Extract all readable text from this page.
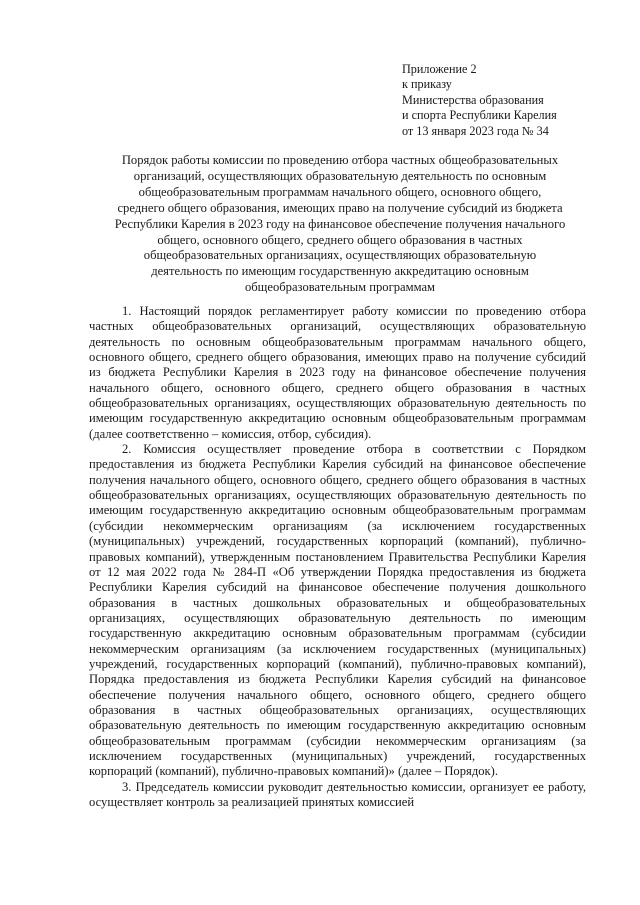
Приложение 2
к приказу
Министерства образования
и спорта Республики Карелия
от 13 января 2023 года № 34
Порядок работы комиссии по проведению отбора частных общеобразовательных
организаций, осуществляющих образовательную деятельность по основным
общеобразовательным программам начального общего, основного общего,
среднего общего образования, имеющих право на получение субсидий из бюджета
Республики Карелия в 2023 году на финансовое обеспечение получения начального
общего, основного общего, среднего общего образования в частных
общеобразовательных организациях, осуществляющих образовательную
деятельность по имеющим государственную аккредитацию основным
общеобразовательным программам

1. Настоящий порядок регламентирует работу комиссии по проведению отбора частных общеобразовательных организаций, осуществляющих образовательную деятельность по основным общеобразовательным программам начального общего, основного общего, среднего общего образования, имеющих право на получение субсидий из бюджета Республики Карелия в 2023 году на финансовое обеспечение получения начального общего, основного общего, среднего общего образования в частных общеобразовательных организациях, осуществляющих образовательную деятельность по имеющим государственную аккредитацию основным общеобразовательным программам (далее соответственно – комиссия, отбор, субсидия).

2. Комиссия осуществляет проведение отбора в соответствии с Порядком предоставления из бюджета Республики Карелия субсидий на финансовое обеспечение получения начального общего, основного общего, среднего общего образования в частных общеобразовательных организациях, осуществляющих образовательную деятельность по имеющим государственную аккредитацию основным общеобразовательным программам (субсидии некоммерческим организациям (за исключением государственных (муниципальных) учреждений, государственных корпораций (компаний), публично-правовых компаний), утвержденным постановлением Правительства Республики Карелия от 12 мая 2022 года № 284-П «Об утверждении Порядка предоставления из бюджета Республики Карелия субсидий на финансовое обеспечение получения дошкольного образования в частных дошкольных образовательных и общеобразовательных организациях, осуществляющих образовательную деятельность по имеющим государственную аккредитацию основным образовательным программам (субсидии некоммерческим организациям (за исключением государственных (муниципальных) учреждений, государственных корпораций (компаний), публично-правовых компаний), Порядка предоставления из бюджета Республики Карелия субсидий на финансовое обеспечение получения начального общего, основного общего, среднего общего образования в частных общеобразовательных организациях, осуществляющих образовательную деятельность по имеющим государственную аккредитацию основным общеобразовательным программам (субсидии некоммерческим организациям (за исключением государственных (муниципальных) учреждений, государственных корпораций (компаний), публично-правовых компаний)» (далее – Порядок).

3. Председатель комиссии руководит деятельностью комиссии, организует ее работу, осуществляет контроль за реализацией принятых комиссией
